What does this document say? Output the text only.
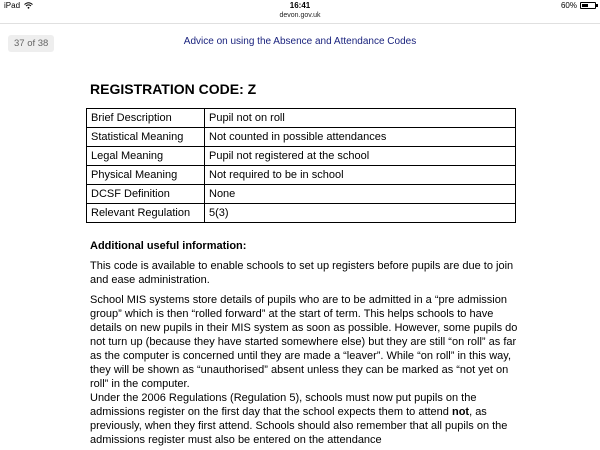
iPad	16:41	60%
devon.gov.uk
Advice on using the Absence and Attendance Codes
37 of 38
REGISTRATION CODE: Z
Brief Description	Pupil not on roll
Statistical Meaning	Not counted in possible attendances
Legal Meaning	Pupil not registered at the school
Physical Meaning	Not required to be in school
DCSF Definition	None
Relevant Regulation	5(3)
Additional useful information:

This code is available to enable schools to set up registers before pupils are due to join and ease administration.

School MIS systems store details of pupils who are to be admitted in a “pre admission group” which is then “rolled forward” at the start of term. This helps schools to have details on new pupils in their MIS system as soon as possible. However, some pupils do not turn up (because they have started somewhere else) but they are still “on roll” as far as the computer is concerned until they are made a “leaver”. While “on roll” in this way, they will be shown as “unauthorised” absent unless they can be marked as “not yet on roll” in the computer.

Under the 2006 Regulations (Regulation 5), schools must now put pupils on the admissions register on the first day that the school expects them to attend not, as previously, when they first attend. Schools should also remember that all pupils on the admissions register must also be entered on the attendance
